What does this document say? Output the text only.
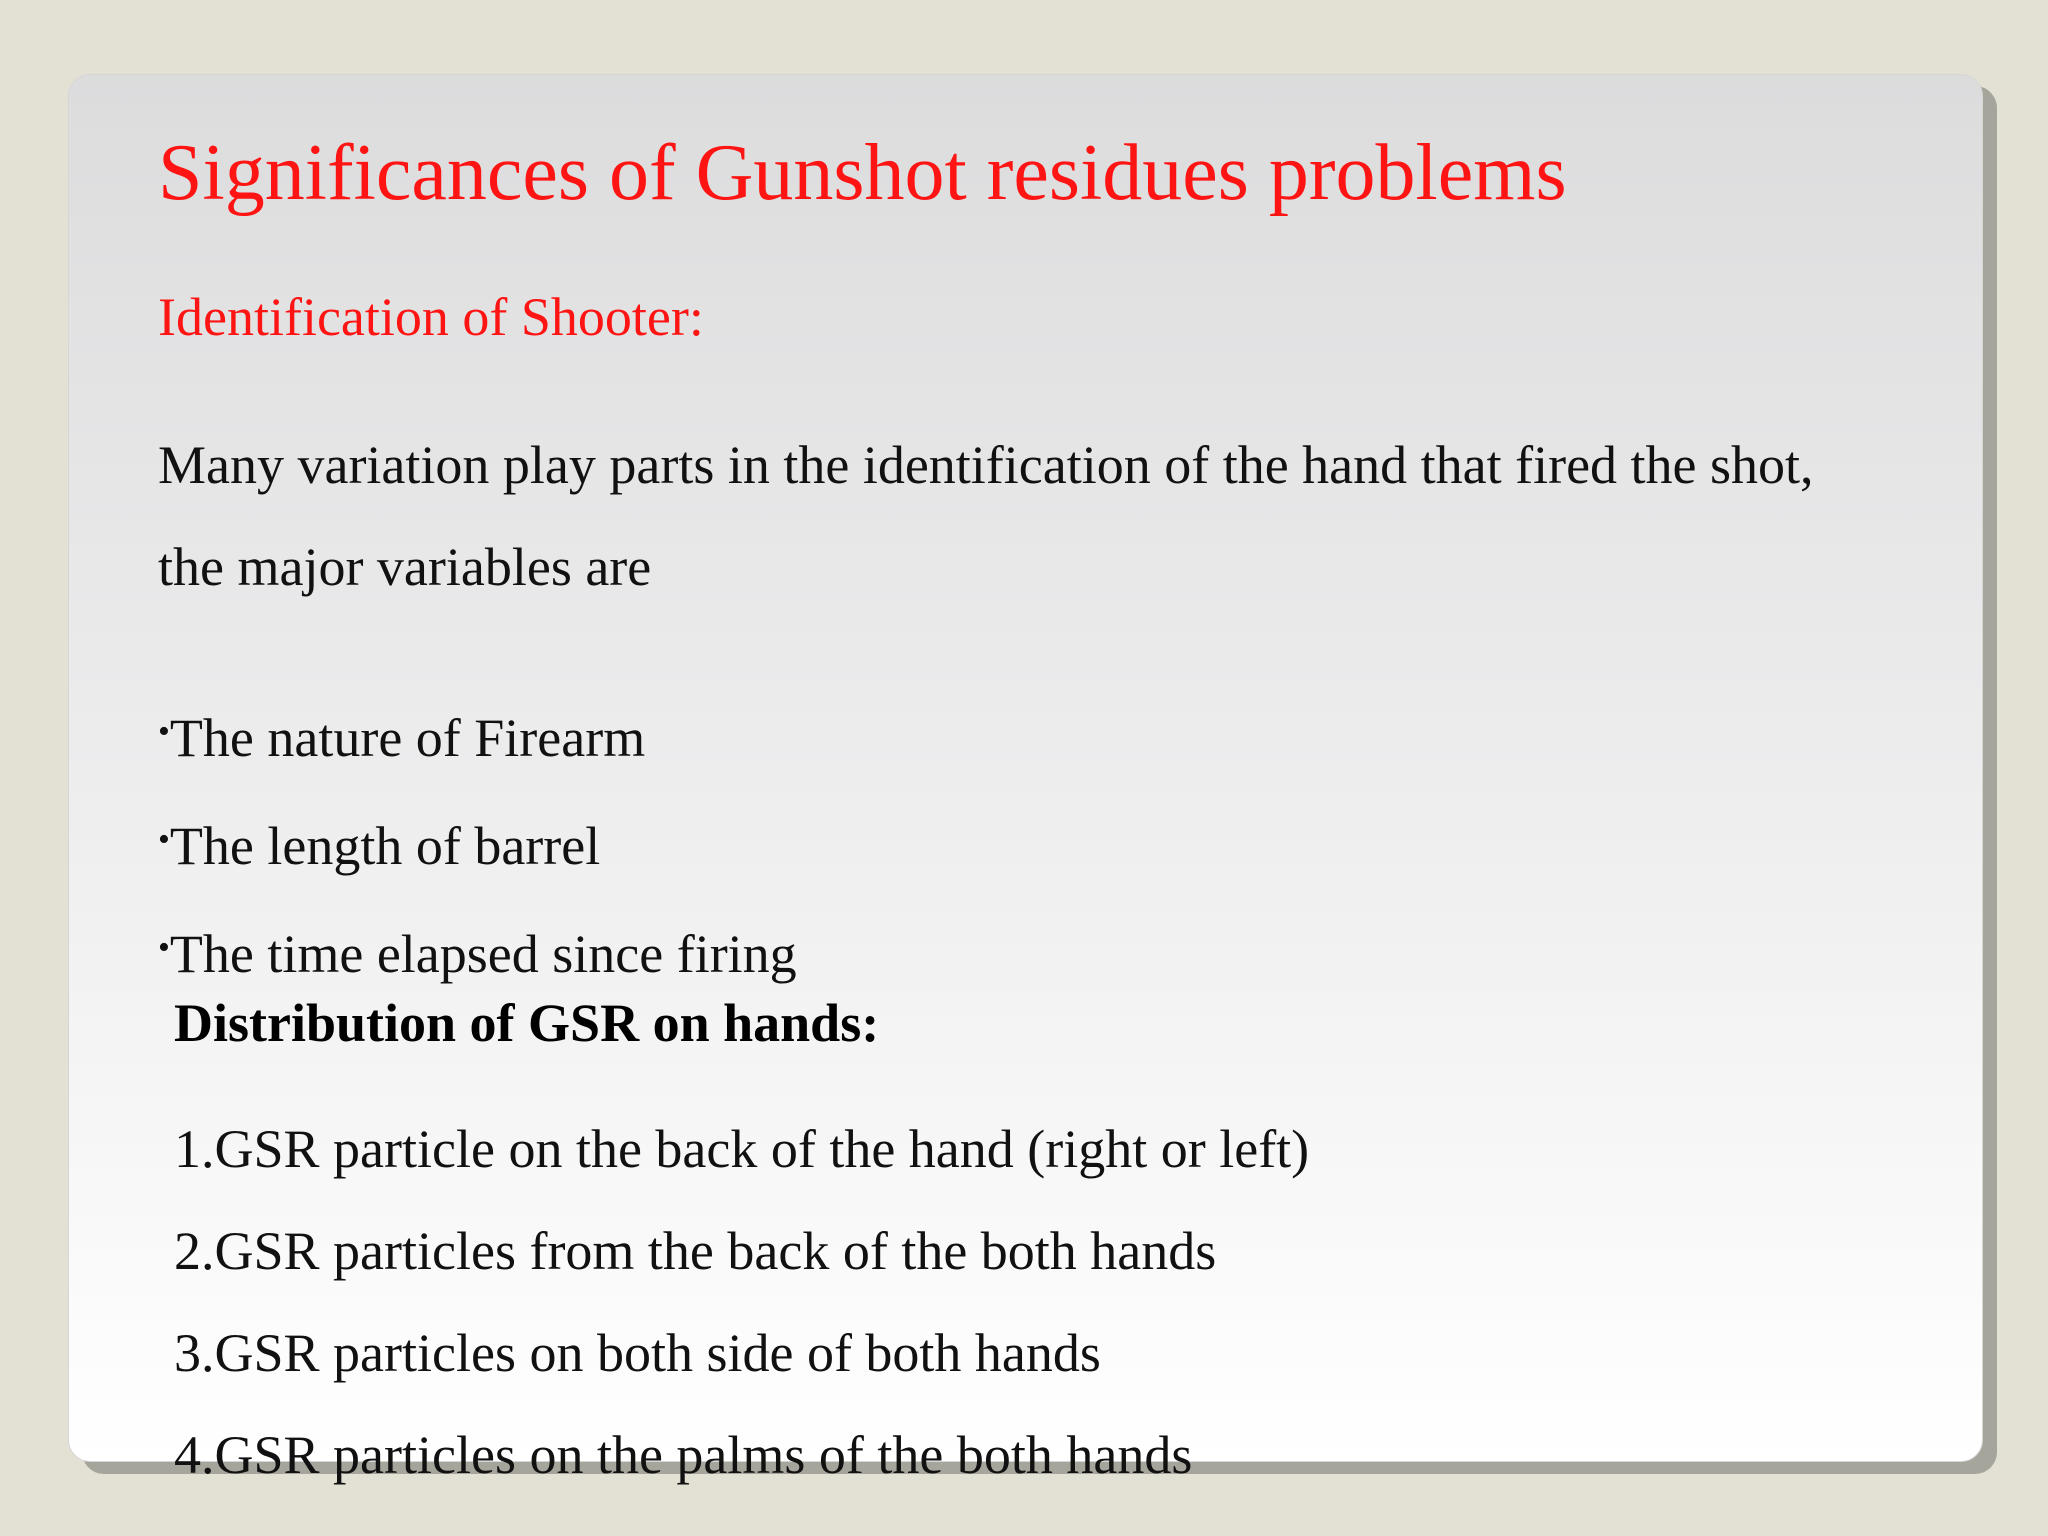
Significances of Gunshot residues problems
Identification of Shooter:
Many variation play parts in the identification of the hand that fired the shot, the major variables are
•The nature of Firearm
•The length of barrel
•The time elapsed since firing
Distribution of GSR on hands:
1.GSR particle on the back of the hand (right or left)
2.GSR particles from the back of the both hands
3.GSR particles on both side of both hands
4.GSR particles on the palms of the both hands
